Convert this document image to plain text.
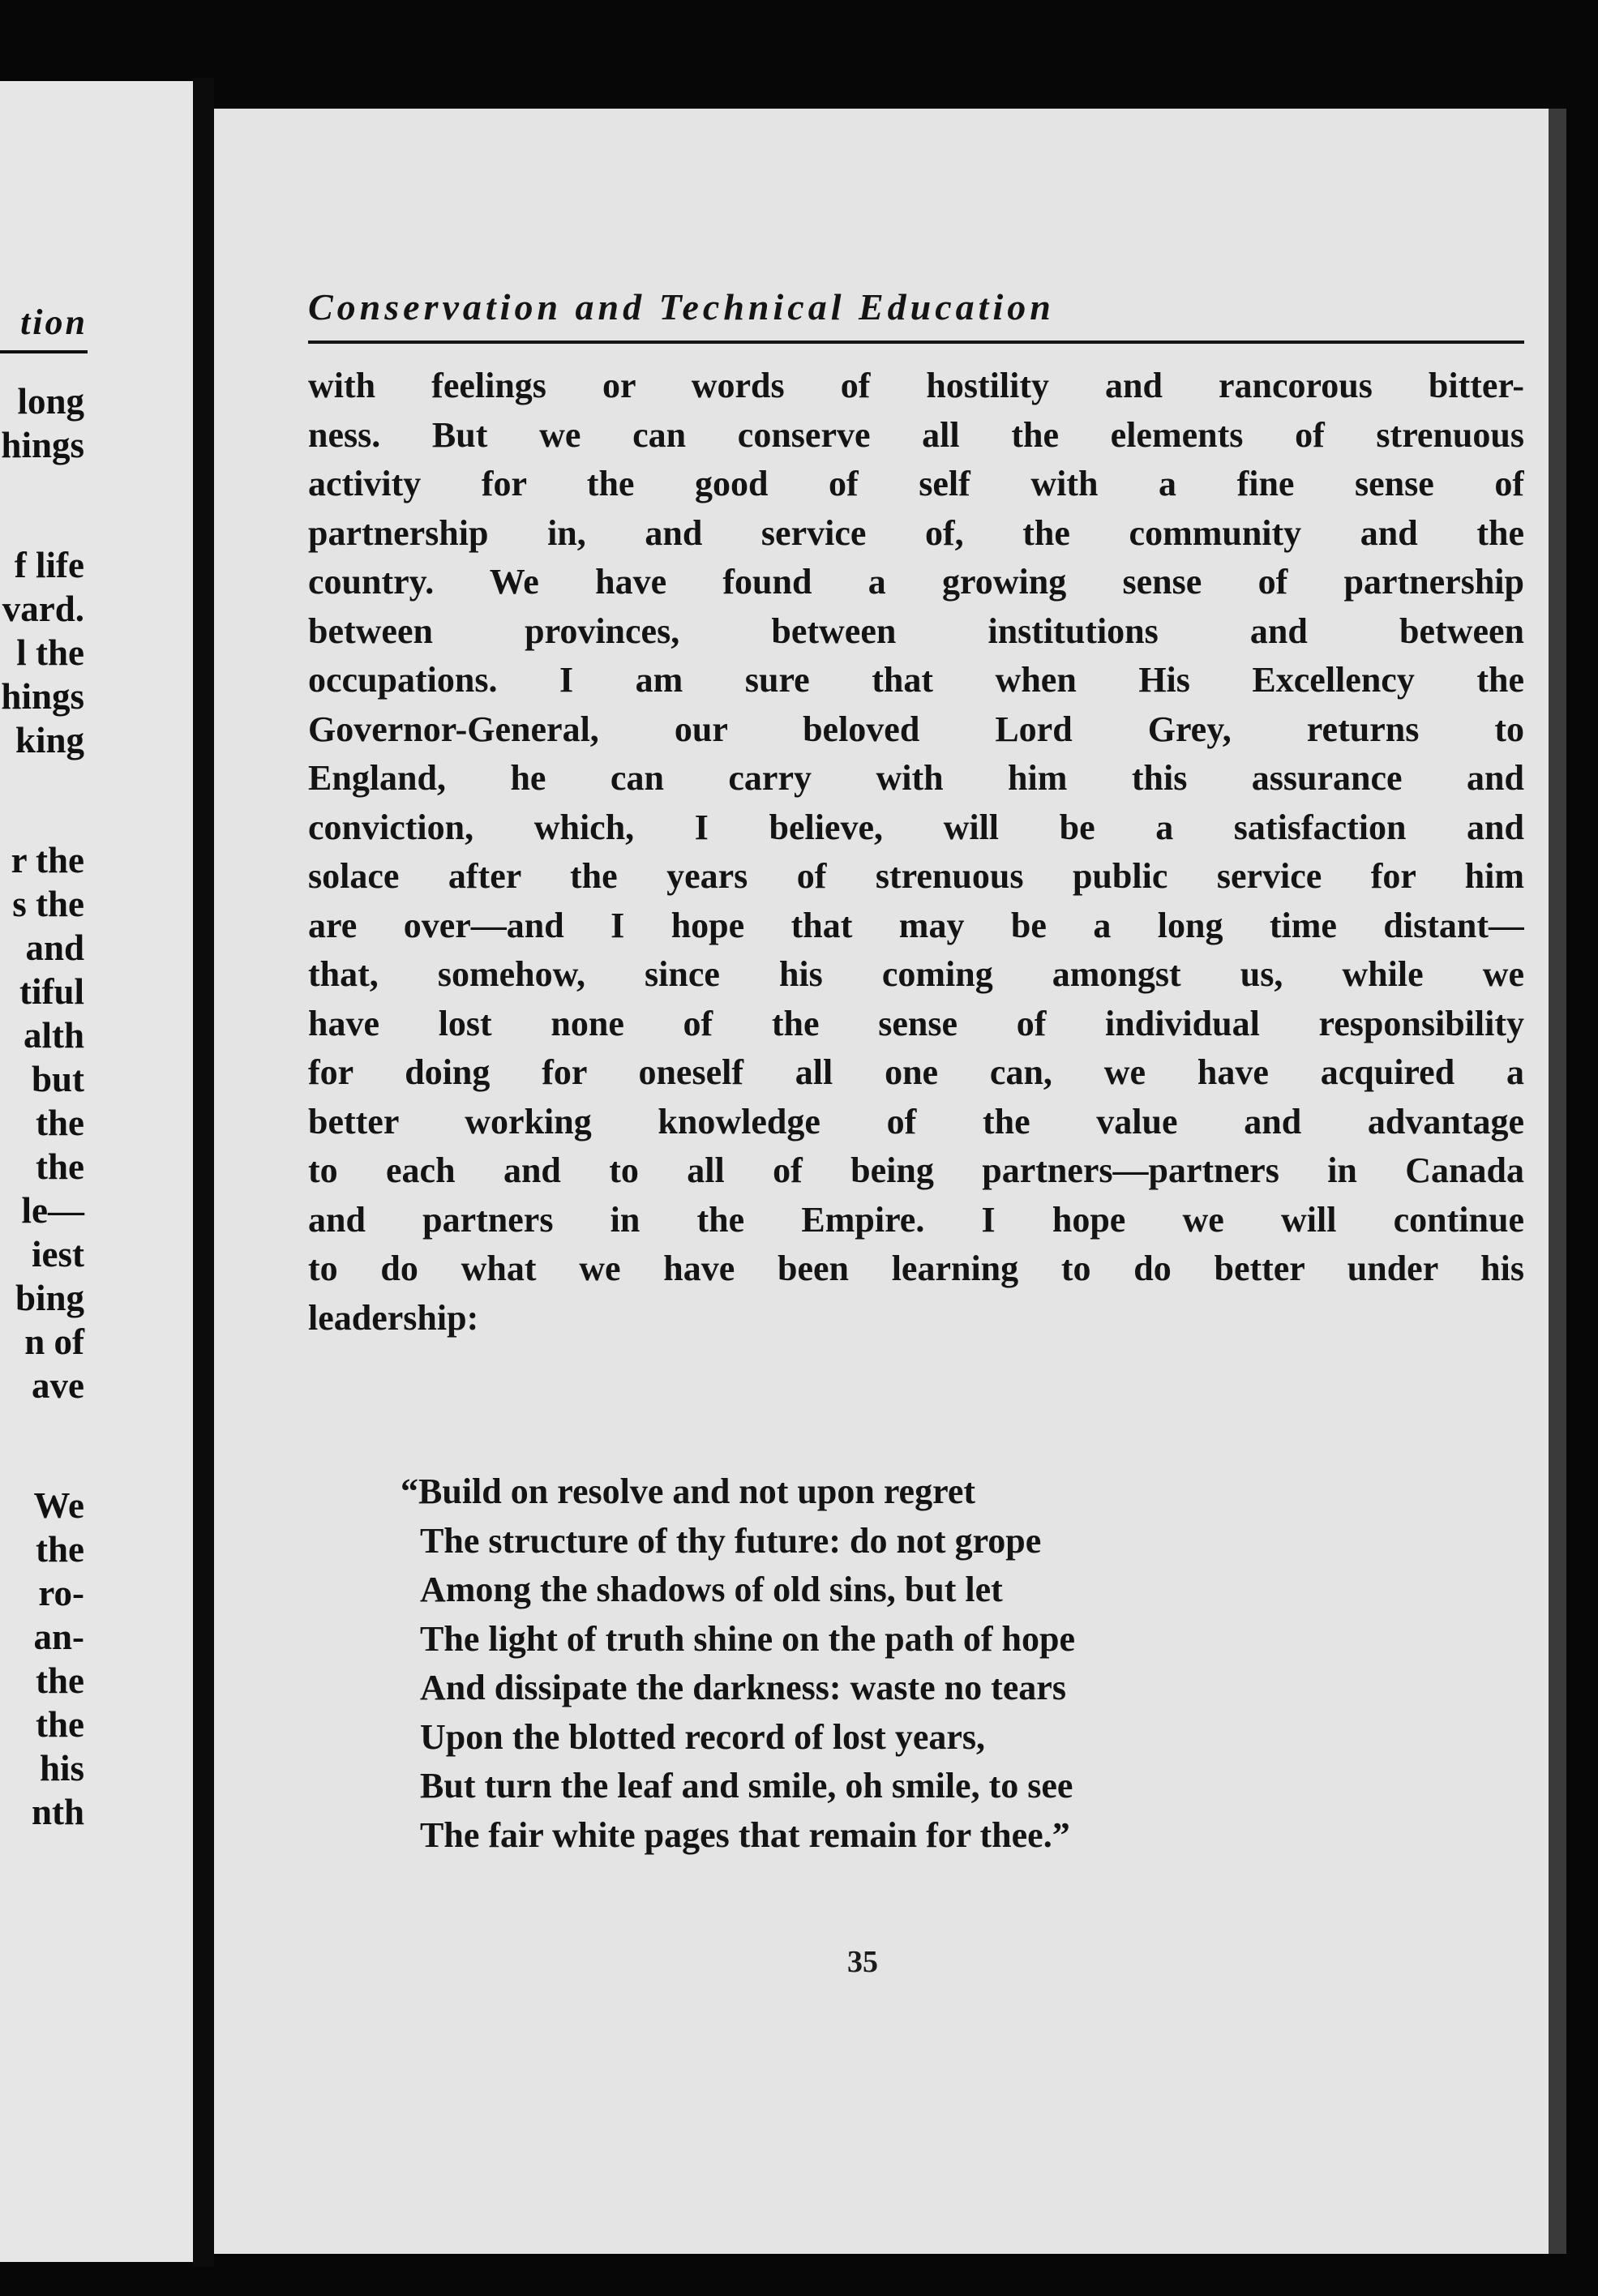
tion
long
hings
f life
vard.
l the
hings
king
r the
s the
and
tiful
alth
but
the
the
le—
iest
bing
n of
ave
We
the
ro-
an-
the
the
his
nth
Conservation and Technical Education
with feelings or words of hostility and rancorous bitter-
ness. But we can conserve all the elements of strenuous
activity for the good of self with a fine sense of
partnership in, and service of, the community and the
country. We have found a growing sense of partnership
between provinces, between institutions and between
occupations. I am sure that when His Excellency the
Governor-General, our beloved Lord Grey, returns to
England, he can carry with him this assurance and
conviction, which, I believe, will be a satisfaction and
solace after the years of strenuous public service for him
are over—and I hope that may be a long time distant—
that, somehow, since his coming amongst us, while we
have lost none of the sense of individual responsibility
for doing for oneself all one can, we have acquired a
better working knowledge of the value and advantage
to each and to all of being partners—partners in Canada
and partners in the Empire. I hope we will continue
to do what we have been learning to do better under his
leadership:
“Build on resolve and not upon regret
The structure of thy future: do not grope
Among the shadows of old sins, but let
The light of truth shine on the path of hope
And dissipate the darkness: waste no tears
Upon the blotted record of lost years,
But turn the leaf and smile, oh smile, to see
The fair white pages that remain for thee.”
35
